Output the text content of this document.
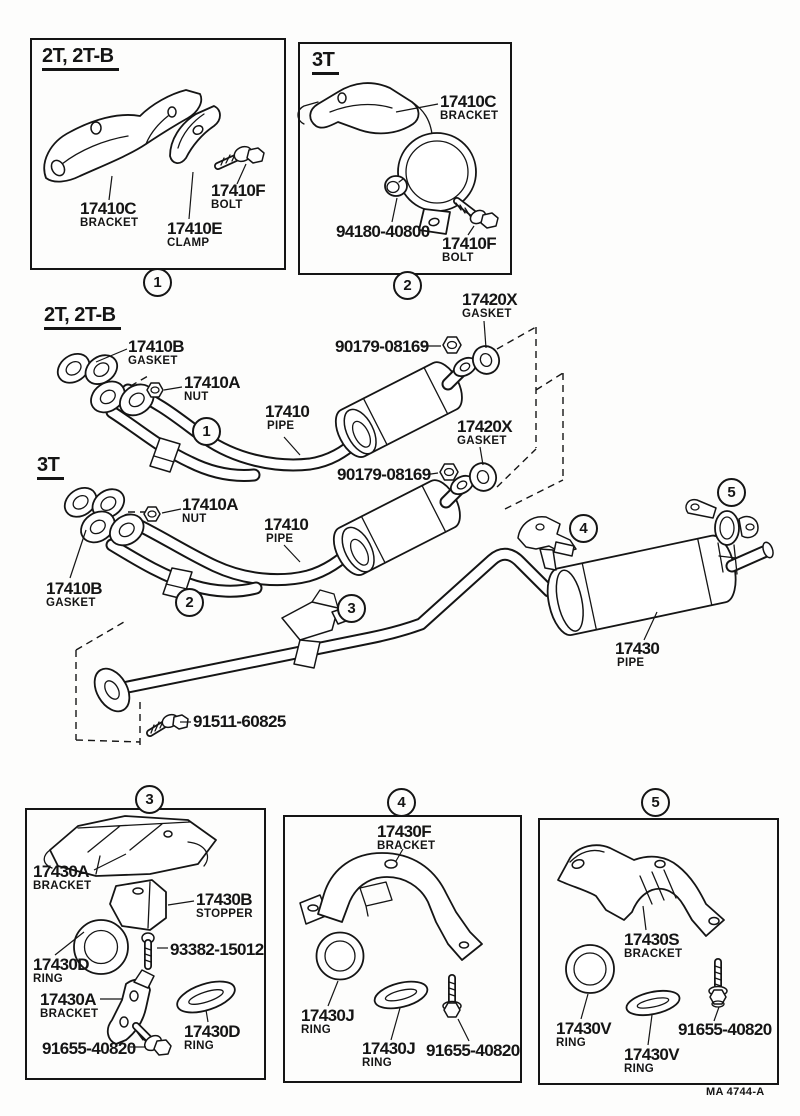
2T, 2T-B
17410C
BRACKET 17410E
CLAMP
17410F
BOLT
1
3T
17410C
BRACKET
94180-40800
17410F
BOLT
2
2T, 2T-B
3T
17410B
GASKET
17410A
NUT
17410
PIPE
90179-08169
17420X
GASKET
17420X
GASKET
90179-08169
17410A
NUT	17410
PIPE
17410B
GASKET
17430
PIPE
91511-60825
1
2	3
4
5
17430A
BRACKET
17430B
STOPPER
93382-15012
17430D
RING
17430A
BRACKET
91655-40820
17430D
RING
3
17430F
BRACKET
17430J
RING
17430J
RING
91655-40820
4
17430S
BRACKET
17430V
RING
17430V
RING
91655-40820
5
MA 4744-A
